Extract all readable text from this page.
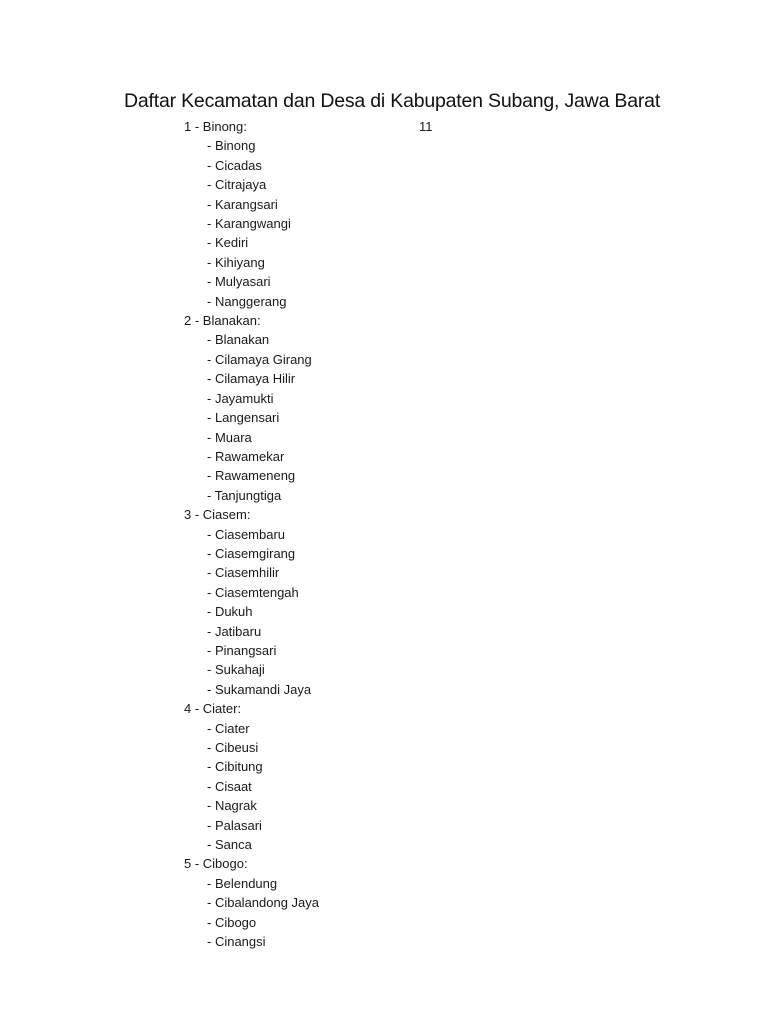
Daftar Kecamatan dan Desa di Kabupaten Subang, Jawa Barat
11
1 - Binong:
- Binong
- Cicadas
- Citrajaya
- Karangsari
- Karangwangi
- Kediri
- Kihiyang
- Mulyasari
- Nanggerang
2 - Blanakan:
- Blanakan
- Cilamaya Girang
- Cilamaya Hilir
- Jayamukti
- Langensari
- Muara
- Rawamekar
- Rawameneng
- Tanjungtiga
3 - Ciasem:
- Ciasembaru
- Ciasemgirang
- Ciasemhilir
- Ciasemtengah
- Dukuh
- Jatibaru
- Pinangsari
- Sukahaji
- Sukamandi Jaya
4 - Ciater:
- Ciater
- Cibeusi
- Cibitung
- Cisaat
- Nagrak
- Palasari
- Sanca
5 - Cibogo:
- Belendung
- Cibalandong Jaya
- Cibogo
- Cinangsi
